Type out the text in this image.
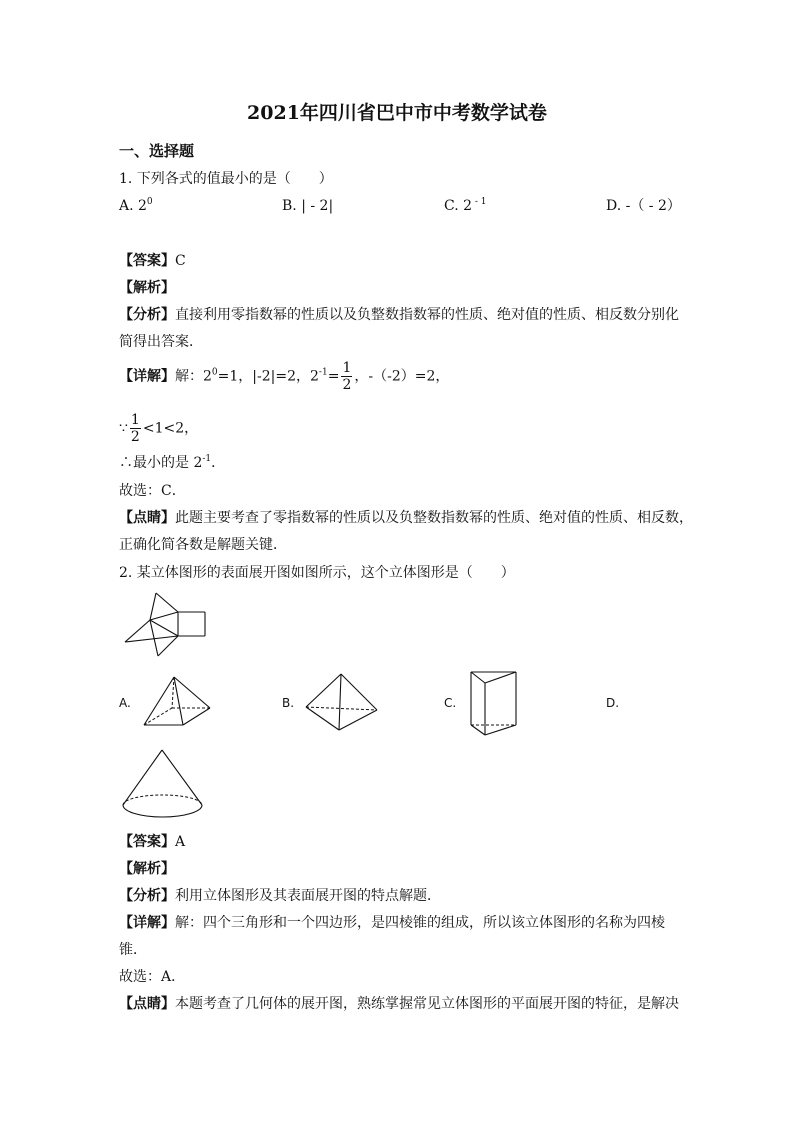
2021年四川省巴中市中考数学试卷
一、选择题
1. 下列各式的值最小的是（　　）
A. $2^0$	B. | - 2|	C. 2 $^{- 1}$	D. -（ - 2）
【答案】C
【解析】
【分析】直接利用零指数幂的性质以及负整数指数幂的性质、绝对值的性质、相反数分别化
简得出答案．
【详解】解：$2^0=1$，|-2|=2，$2^{-1}= \frac{1}{2}$ ，-（-2）=2，
∵ $\frac{1}{2} <1<2$，
∴最小的是 $2^{-1}$．
故选：C．
【点睛】此题主要考查了零指数幂的性质以及负整数指数幂的性质、绝对值的性质、相反数，
正确化简各数是解题关键．
2. 某立体图形的表面展开图如图所示，这个立体图形是（　　）
A.	B.	C.	D.
【答案】A
【解析】
【分析】利用立体图形及其表面展开图的特点解题．
【详解】解：四个三角形和一个四边形，是四棱锥的组成，所以该立体图形的名称为四棱
锥．
故选：A．
【点睛】本题考查了几何体的展开图，熟练掌握常见立体图形的平面展开图的特征，是解决
